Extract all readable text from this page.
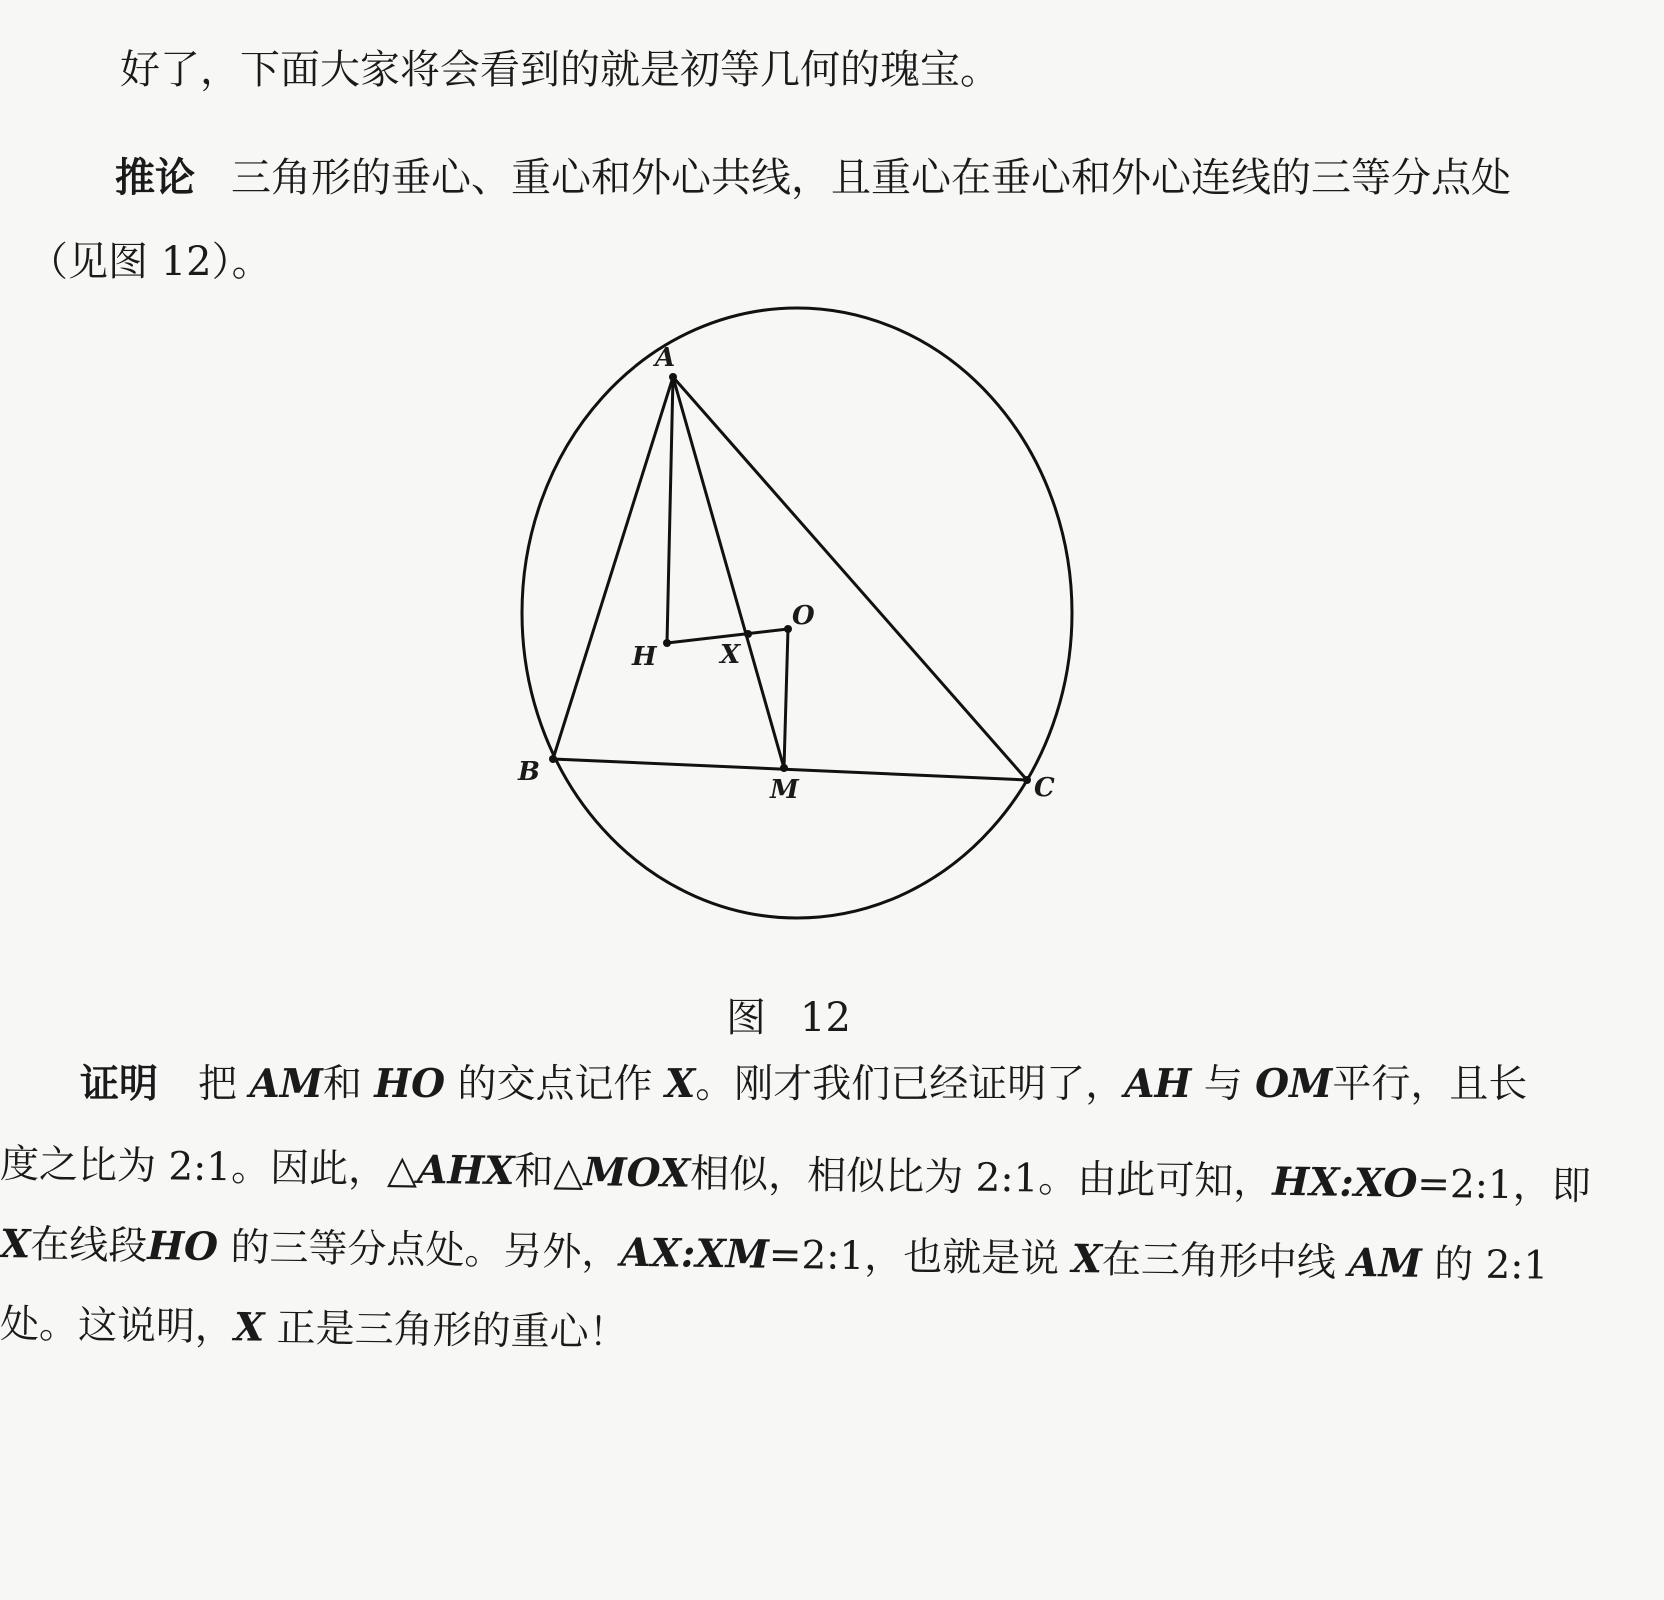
好了，下面大家将会看到的就是初等几何的瑰宝。
推论 三角形的垂心、重心和外心共线，且重心在垂心和外心连线的三等分点处
（见图 12）。
A
B
C
H
O
X
M
图 12
证明 把 AM和 HO 的交点记作 X。刚才我们已经证明了，AH 与 OM平行，且长
度之比为 2:1。因此，△AHX和△MOX相似，相似比为 2:1。由此可知，HX:XO=2:1，即
X在线段HO 的三等分点处。另外，AX:XM=2:1，也就是说 X在三角形中线 AM 的 2:1
处。这说明，X 正是三角形的重心！
